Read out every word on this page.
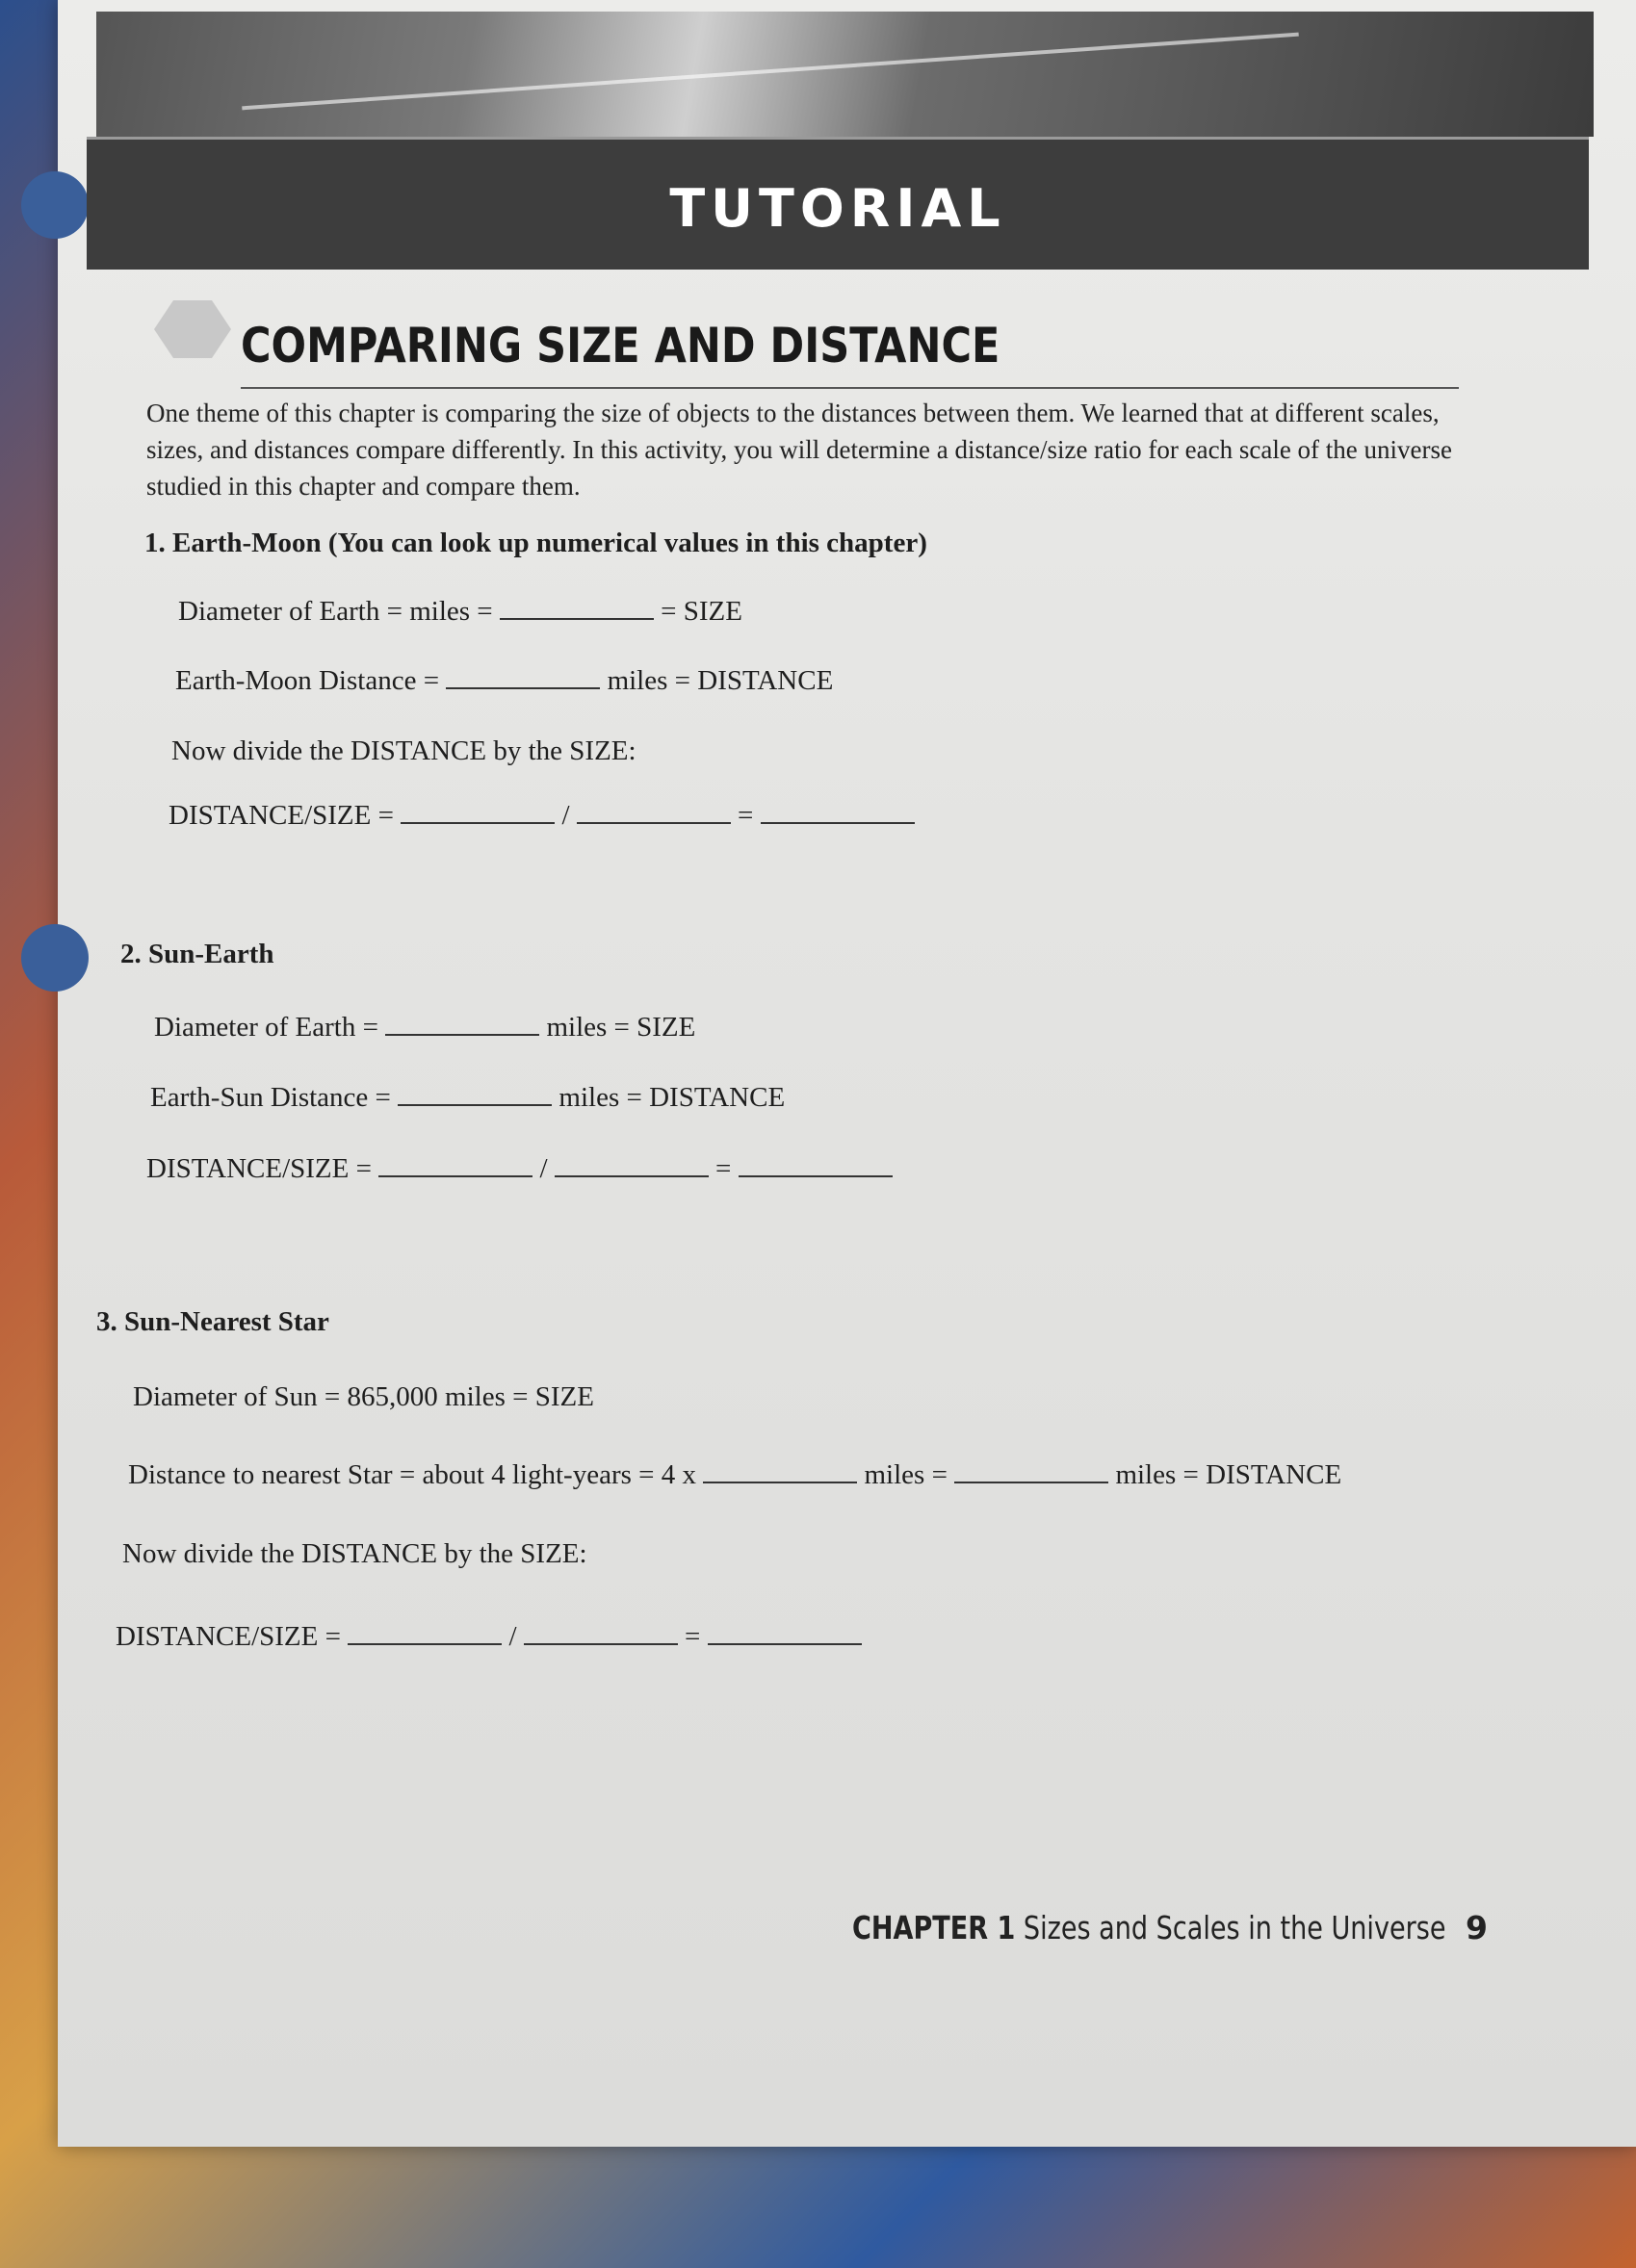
TUTORIAL
COMPARING SIZE AND DISTANCE
One theme of this chapter is comparing the size of objects to the distances between them. We learned that at different scales, sizes, and distances compare differently. In this activity, you will determine a distance/size ratio for each scale of the universe studied in this chapter and compare them.
1. Earth-Moon (You can look up numerical values in this chapter)
Diameter of Earth = miles =	= SIZE
Earth-Moon Distance =	miles = DISTANCE
Now divide the DISTANCE by the SIZE:
DISTANCE/SIZE =	/	=
2. Sun-Earth
Diameter of Earth =	miles = SIZE
Earth-Sun Distance =	miles = DISTANCE
DISTANCE/SIZE =	/	=
3. Sun-Nearest Star
Diameter of Sun = 865,000 miles = SIZE
Distance to nearest Star = about 4 light-years = 4 x	miles =	miles = DISTANCE
Now divide the DISTANCE by the SIZE:
DISTANCE/SIZE =	/	=
CHAPTER 1 Sizes and Scales in the Universe 9
